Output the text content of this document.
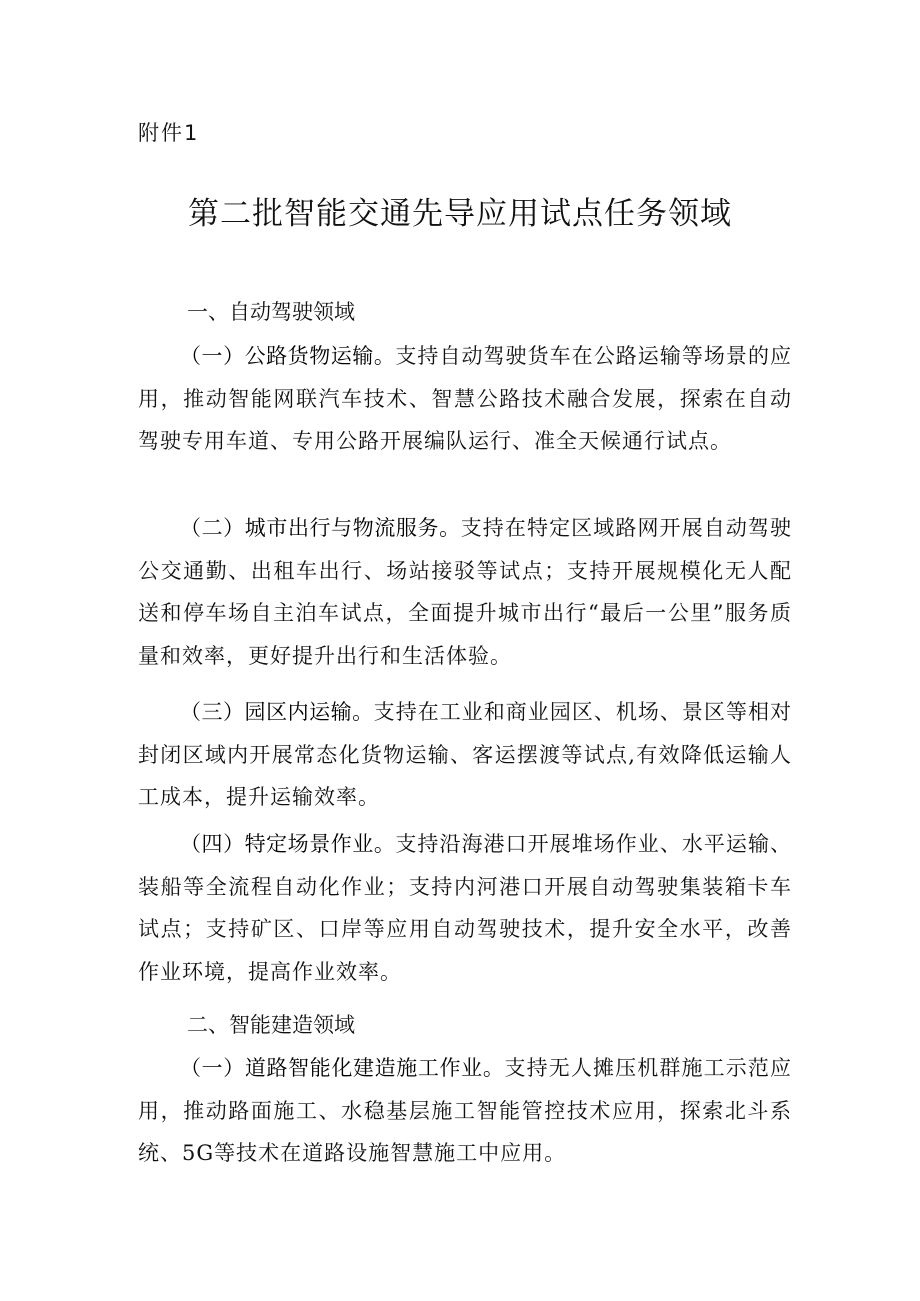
附件1
第二批智能交通先导应用试点任务领域
一、自动驾驶领域
（一）公路货物运输。支持自动驾驶货车在公路运输等场景的应用，推动智能网联汽车技术、智慧公路技术融合发展，探索在自动驾驶专用车道、专用公路开展编队运行、准全天候通行试点。
（二）城市出行与物流服务。支持在特定区域路网开展自动驾驶公交通勤、出租车出行、场站接驳等试点；支持开展规模化无人配送和停车场自主泊车试点，全面提升城市出行“最后一公里”服务质量和效率，更好提升出行和生活体验。
（三）园区内运输。支持在工业和商业园区、机场、景区等相对封闭区域内开展常态化货物运输、客运摆渡等试点,有效降低运输人工成本，提升运输效率。
（四）特定场景作业。支持沿海港口开展堆场作业、水平运输、装船等全流程自动化作业；支持内河港口开展自动驾驶集装箱卡车试点；支持矿区、口岸等应用自动驾驶技术，提升安全水平，改善作业环境，提高作业效率。
二、智能建造领域
（一）道路智能化建造施工作业。支持无人摊压机群施工示范应用，推动路面施工、水稳基层施工智能管控技术应用，探索北斗系统、5G等技术在道路设施智慧施工中应用。
